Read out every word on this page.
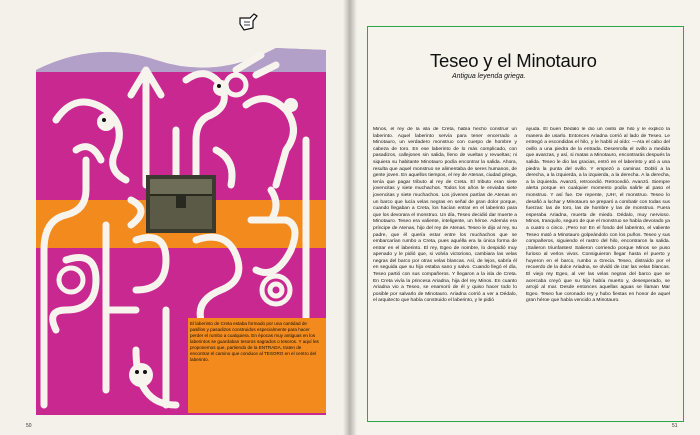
El laberinto de Creta estaba formado por una cantidad de pasillos y pasadizos construidos especialmente para hacer perder el rumbo a cualquiera. En épocas muy antiguas en los laberintos se guardaban tesoros sagrados o tesoros. Y aquí les proponemos que, partiendo de la ENTRADA, traten de encontrar el camino que conduce al TESORO en el centro del laberinto.
50
Teseo y el Minotauro
Antigua leyenda griega.

Minos, el rey de la isla de Creta, había hecho construir un laberinto. Aquel laberinto servía para tener encerrado a Minotauro, un verdadero monstruo con cuerpo de hombre y cabeza de toro. En ese laberinto de lo más complicado, con pasadizos, callejones sin salida, lleno de vueltas y revueltas; ni siquiera su habitante Minotauro podía encontrar la salida. Ahora, resulta que aquel monstruo se alimentaba de seres humanos, de gente joven. En aquellos tiempos, el rey de Atenas, ciudad griega, tenía que pagar tributo al rey de Creta. El tributo eran siete jovencitas y siete muchachos. Todos los años le enviaba siete jovencitas y siete muchachos. Los jóvenes partían de Atenas en un barco que lucía velas negras en señal de gran dolor porque, cuando llegaban a Creta, los hacían entrar en el laberinto para que los devorara el monstruo. Un día, Teseo decidió dar muerte a Minotauro. Teseo era valiente, inteligente, un héroe. Además era príncipe de Atenas, hijo del rey de Atenas. Teseo le dijo al rey, su padre, que él quería estar entre los muchachos que se embarcarían rumbo a Creta, pues aquélla era la única forma de entrar en el laberinto. El rey, Egeo de nombre, lo despidió muy apenado y le pidió que, si volvía victorioso, cambiara las velas negras del barco por otras velas blancas. Así, de lejos, sabría él en seguida que su hijo estaba sano y salvo. Cuando llegó el día, Teseo partió con sus compañeros. Y llegaron a la isla de Creta. En Creta vivía la princesa Ariadna, hija del rey Minos. En cuanto Ariadna vio a Teseo, se enamoró de él y quiso hacer todo lo posible por salvarlo de Minotauro. Ariadna corrió a ver a Dédalo, el arquitecto que había construido el laberinto, y le pidió

ayuda. El buen Dédalo le dio un ovillo de hilo y le explicó la manera de usarlo. Entonces Ariadna corrió al lado de Teseo. Le entregó a escondidas el hilo, y le habló al oído: —Ata el cabo del ovillo a una piedra de la entrada. Desenrolla el ovillo a medida que avanzas, y así, si matas a Minotauro, encontrarás después la salida. Teseo le dio las gracias, entró en el laberinto y ató a una piedra la punta del ovillo. Y empezó a caminar. Dobló a la derecha, a la izquierda, a la izquierda, a la derecha. A la derecha, a la izquierda. Avanzó, retrocedió. Retrocedió. Avanzó. Siempre alerta porque en cualquier momento podía salirle al paso el monstruo. Y así fue. De repente, ¡UH!, el monstruo. Teseo lo desafió a luchar y Minotauro se preparó a combatir con todas sus fuerzas: las de toro, las de hombre y las de monstruo. Fuera esperaba Ariadna, muerta de miedo. Dédalo, muy nervioso. Minos, tranquilo, seguro de que el monstruo se había devorado ya a cuatro o cinco. ¡Pero no! En el fondo del laberinto, el valiente Teseo mató a Minotauro golpeándolo con los puños. Teseo y sus compañeros, siguiendo el rastro del hilo, encontraron la salida. ¡Salieron triunfantes! Salieron corriendo porque Minos se puso furioso al verlos vivos. Consiguieron llegar hasta el puerto y huyeron en el barco, rumbo a Grecia. Teseo, distraído por el recuerdo de la dulce Ariadna, se olvidó de izar las velas blancas. El viejo rey Egeo, al ver las velas negras del barco que se acercaba creyó que su hijo había muerto y, desesperado, se arrojó al mar. Desde entonces aquellas aguas se llaman Mar Egeo. Teseo fue coronado rey y hubo fiestas en honor de aquel gran héroe que había vencido a Minotauro.

51
